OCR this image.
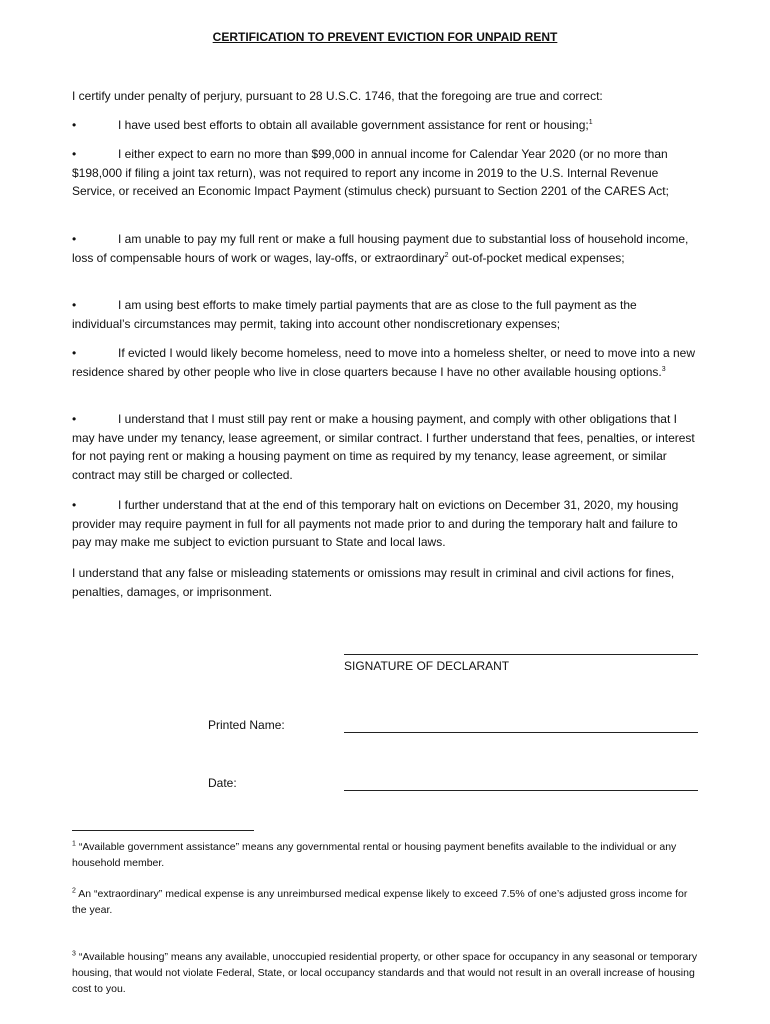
CERTIFICATION TO PREVENT EVICTION FOR UNPAID RENT
I certify under penalty of perjury, pursuant to 28 U.S.C. 1746, that the foregoing are true and correct:
•	I have used best efforts to obtain all available government assistance for rent or housing;$^1$
•	I either expect to earn no more than $99,000 in annual income for Calendar Year 2020 (or no more than $198,000 if filing a joint tax return), was not required to report any income in 2019 to the U.S. Internal Revenue Service, or received an Economic Impact Payment (stimulus check) pursuant to Section 2201 of the CARES Act;
•	I am unable to pay my full rent or make a full housing payment due to substantial loss of household income, loss of compensable hours of work or wages, lay-offs, or extraordinary$^2$ out-of-pocket medical expenses;
•	I am using best efforts to make timely partial payments that are as close to the full payment as the individual’s circumstances may permit, taking into account other nondiscretionary expenses;
•	If evicted I would likely become homeless, need to move into a homeless shelter, or need to move into a new residence shared by other people who live in close quarters because I have no other available housing options.$^3$
•	I understand that I must still pay rent or make a housing payment, and comply with other obligations that I may have under my tenancy, lease agreement, or similar contract. I further understand that fees, penalties, or interest for not paying rent or making a housing payment on time as required by my tenancy, lease agreement, or similar contract may still be charged or collected.
•	I further understand that at the end of this temporary halt on evictions on December 31, 2020, my housing provider may require payment in full for all payments not made prior to and during the temporary halt and failure to pay may make me subject to eviction pursuant to State and local laws.
I understand that any false or misleading statements or omissions may result in criminal and civil actions for fines, penalties, damages, or imprisonment.
SIGNATURE OF DECLARANT
Printed Name:
Date:
$^1$ “Available government assistance” means any governmental rental or housing payment benefits available to the individual or any household member.
$^2$ An “extraordinary” medical expense is any unreimbursed medical expense likely to exceed 7.5% of one’s adjusted gross income for the year.
$^3$ “Available housing” means any available, unoccupied residential property, or other space for occupancy in any seasonal or temporary housing, that would not violate Federal, State, or local occupancy standards and that would not result in an overall increase of housing cost to you.
